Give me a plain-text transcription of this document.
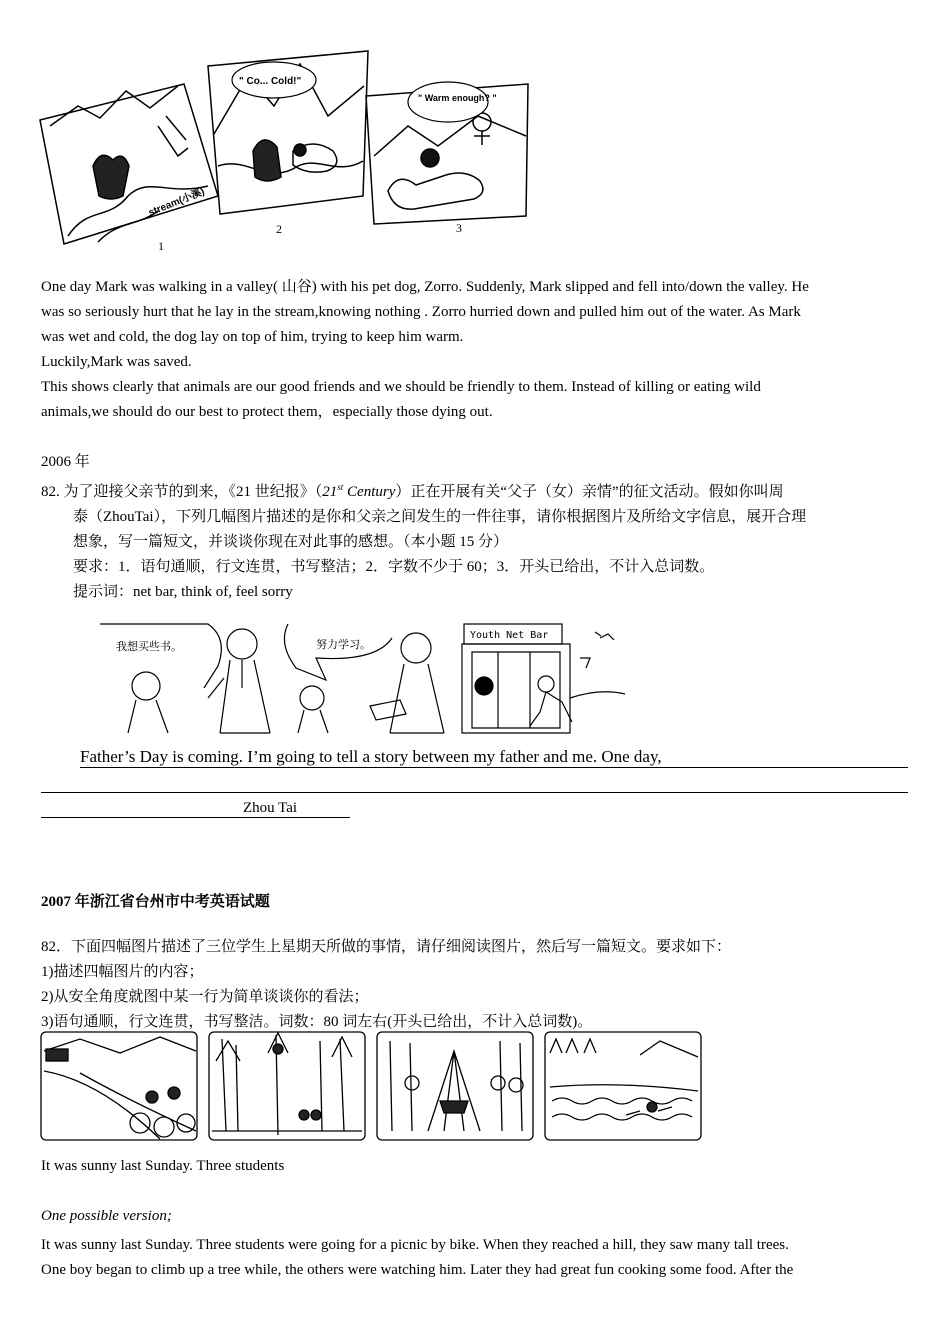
stream(小溪)
1
" Co... Cold!"
2
" Warm enough? "
3
One day Mark was walking in a valley( 山谷) with his pet dog, Zorro. Suddenly, Mark slipped and fell into/down the valley. He
was so seriously hurt that he lay in the stream,knowing nothing . Zorro hurried down and pulled him out of the water. As Mark
was wet and cold, the dog lay on top of him, trying to keep him warm.
Luckily,Mark was saved.
This shows clearly that animals are our good friends and we should be friendly to them. Instead of killing or eating wild
animals,we should do our best to protect them，especially those dying out.
2006 年
82. 为了迎接父亲节的到来，《21 世纪报》（21st Century）正在开展有关“父子（女）亲情”的征文活动。假如你叫周
泰（ZhouTai），下列几幅图片描述的是你和父亲之间发生的一件往事，请你根据图片及所给文字信息，展开合理
想象，写一篇短文，并谈谈你现在对此事的感想。（本小题 15 分）
要求：1．语句通顺，行文连贯，书写整洁；2．字数不少于 60；3．开头已给出，不计入总词数。
提示词：net bar, think of, feel sorry
我想买些书。	努力学习。
Youth Net Bar
Father’s Day is coming. I’m going to tell a story between my father and me. One day,
Zhou Tai
2007 年浙江省台州市中考英语试题
82．下面四幅图片描述了三位学生上星期天所做的事情，请仔细阅读图片，然后写一篇短文。要求如下：
1)描述四幅图片的内容；
2)从安全角度就图中某一行为简单谈谈你的看法；
3)语句通顺，行文连贯，书写整洁。词数：80 词左右(开头已给出，不计入总词数)。
It was sunny last Sunday. Three students
One possible version;
It was sunny last Sunday. Three students were going for a picnic by bike. When they reached a hill, they saw many tall trees.
One boy began to climb up a tree while, the others were watching him. Later they had great fun cooking some food. After the
